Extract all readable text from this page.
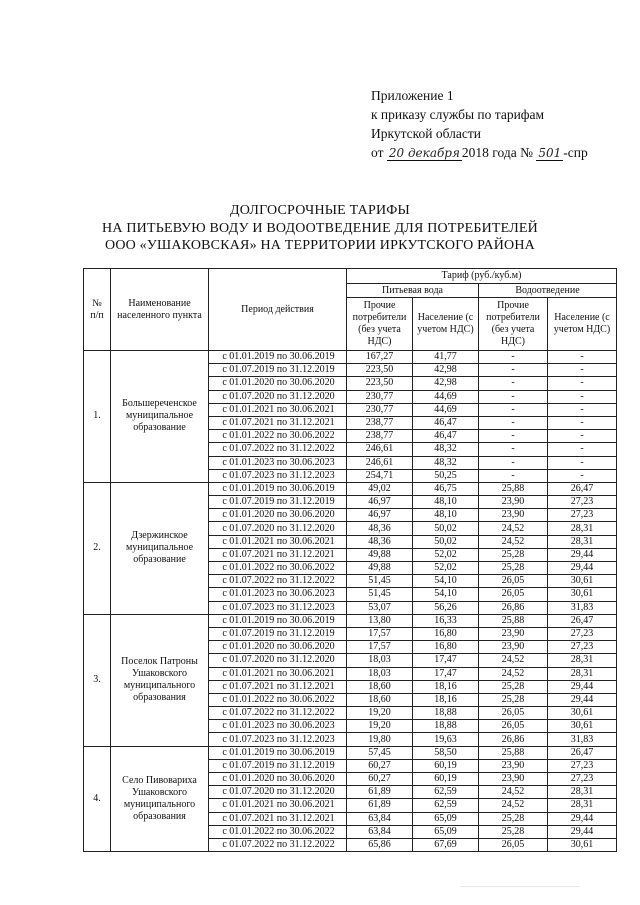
Приложение 1
к приказу службы по тарифам
Иркутской области
от 20 декабря 2018 года № 501 -спр
ДОЛГОСРОЧНЫЕ ТАРИФЫ
НА ПИТЬЕВУЮ ВОДУ И ВОДООТВЕДЕНИЕ ДЛЯ ПОТРЕБИТЕЛЕЙ
ООО «УШАКОВСКАЯ» НА ТЕРРИТОРИИ ИРКУТСКОГО РАЙОНА
№ п/п	Наименование населенного пункта	Период действия	Тариф (руб./куб.м)			
			Питьевая вода		Водоотведение	
			Прочие потребители (без учета НДС)	Население (с учетом НДС)	Прочие потребители (без учета НДС)	Население (с учетом НДС)
1.	Большереченское муниципальное образование	с 01.01.2019 по 30.06.2019	167,27	41,77	-	-
		с 01.07.2019 по 31.12.2019	223,50	42,98	-	-
		с 01.01.2020 по 30.06.2020	223,50	42,98	-	-
		с 01.07.2020 по 31.12.2020	230,77	44,69	-	-
		с 01.01.2021 по 30.06.2021	230,77	44,69	-	-
		с 01.07.2021 по 31.12.2021	238,77	46,47	-	-
		с 01.01.2022 по 30.06.2022	238,77	46,47	-	-
		с 01.07.2022 по 31.12.2022	246,61	48,32	-	-
		с 01.01.2023 по 30.06.2023	246,61	48,32	-	-
		с 01.07.2023 по 31.12.2023	254,71	50,25	-	-
2.	Дзержинское муниципальное образование	с 01.01.2019 по 30.06.2019	49,02	46,75	25,88	26,47
		с 01.07.2019 по 31.12.2019	46,97	48,10	23,90	27,23
		с 01.01.2020 по 30.06.2020	46,97	48,10	23,90	27,23
		с 01.07.2020 по 31.12.2020	48,36	50,02	24,52	28,31
		с 01.01.2021 по 30.06.2021	48,36	50,02	24,52	28,31
		с 01.07.2021 по 31.12.2021	49,88	52,02	25,28	29,44
		с 01.01.2022 по 30.06.2022	49,88	52,02	25,28	29,44
		с 01.07.2022 по 31.12.2022	51,45	54,10	26,05	30,61
		с 01.01.2023 по 30.06.2023	51,45	54,10	26,05	30,61
		с 01.07.2023 по 31.12.2023	53,07	56,26	26,86	31,83
3.	Поселок Патроны Ушаковского муниципального образования	с 01.01.2019 по 30.06.2019	13,80	16,33	25,88	26,47
		с 01.07.2019 по 31.12.2019	17,57	16,80	23,90	27,23
		с 01.01.2020 по 30.06.2020	17,57	16,80	23,90	27,23
		с 01.07.2020 по 31.12.2020	18,03	17,47	24,52	28,31
		с 01.01.2021 по 30.06.2021	18,03	17,47	24,52	28,31
		с 01.07.2021 по 31.12.2021	18,60	18,16	25,28	29,44
		с 01.01.2022 по 30.06.2022	18,60	18,16	25,28	29,44
		с 01.07.2022 по 31.12.2022	19,20	18,88	26,05	30,61
		с 01.01.2023 по 30.06.2023	19,20	18,88	26,05	30,61
		с 01.07.2023 по 31.12.2023	19,80	19,63	26,86	31,83
4.	Село Пивовариха Ушаковского муниципального образования	с 01.01.2019 по 30.06.2019	57,45	58,50	25,88	26,47
		с 01.07.2019 по 31.12.2019	60,27	60,19	23,90	27,23
		с 01.01.2020 по 30.06.2020	60,27	60,19	23,90	27,23
		с 01.07.2020 по 31.12.2020	61,89	62,59	24,52	28,31
		с 01.01.2021 по 30.06.2021	61,89	62,59	24,52	28,31
		с 01.07.2021 по 31.12.2021	63,84	65,09	25,28	29,44
		с 01.01.2022 по 30.06.2022	63,84	65,09	25,28	29,44
		с 01.07.2022 по 31.12.2022	65,86	67,69	26,05	30,61
